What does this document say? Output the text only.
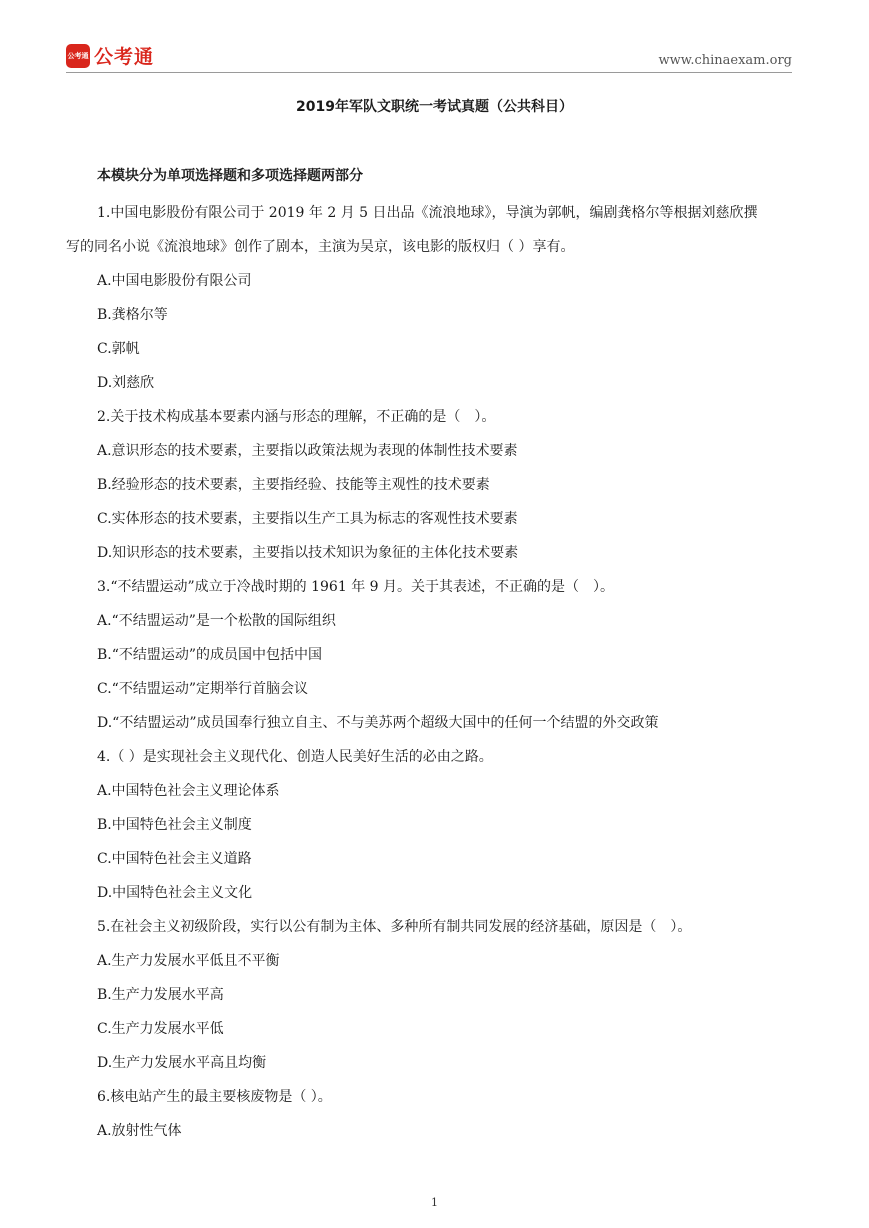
公考通 公考通	www.chinaexam.org
2019年军队文职统一考试真题（公共科目）
本模块分为单项选择题和多项选择题两部分
1.中国电影股份有限公司于 2019 年 2 月 5 日出品《流浪地球》，导演为郭帆，编剧龚格尔等根据刘慈欣撰
写的同名小说《流浪地球》创作了剧本，主演为吴京，该电影的版权归（ ）享有。
A.中国电影股份有限公司
B.龚格尔等
C.郭帆
D.刘慈欣
2.关于技术构成基本要素内涵与形态的理解，不正确的是（　）。
A.意识形态的技术要素，主要指以政策法规为表现的体制性技术要素
B.经验形态的技术要素，主要指经验、技能等主观性的技术要素
C.实体形态的技术要素，主要指以生产工具为标志的客观性技术要素
D.知识形态的技术要素，主要指以技术知识为象征的主体化技术要素
3.“不结盟运动”成立于冷战时期的 1961 年 9 月。关于其表述，不正确的是（　）。
A.“不结盟运动”是一个松散的国际组织
B.“不结盟运动”的成员国中包括中国
C.“不结盟运动”定期举行首脑会议
D.“不结盟运动”成员国奉行独立自主、不与美苏两个超级大国中的任何一个结盟的外交政策
4.（ ）是实现社会主义现代化、创造人民美好生活的必由之路。
A.中国特色社会主义理论体系
B.中国特色社会主义制度
C.中国特色社会主义道路
D.中国特色社会主义文化
5.在社会主义初级阶段，实行以公有制为主体、多种所有制共同发展的经济基础，原因是（　）。
A.生产力发展水平低且不平衡
B.生产力发展水平高
C.生产力发展水平低
D.生产力发展水平高且均衡
6.核电站产生的最主要核废物是（ ）。
A.放射性气体
1
